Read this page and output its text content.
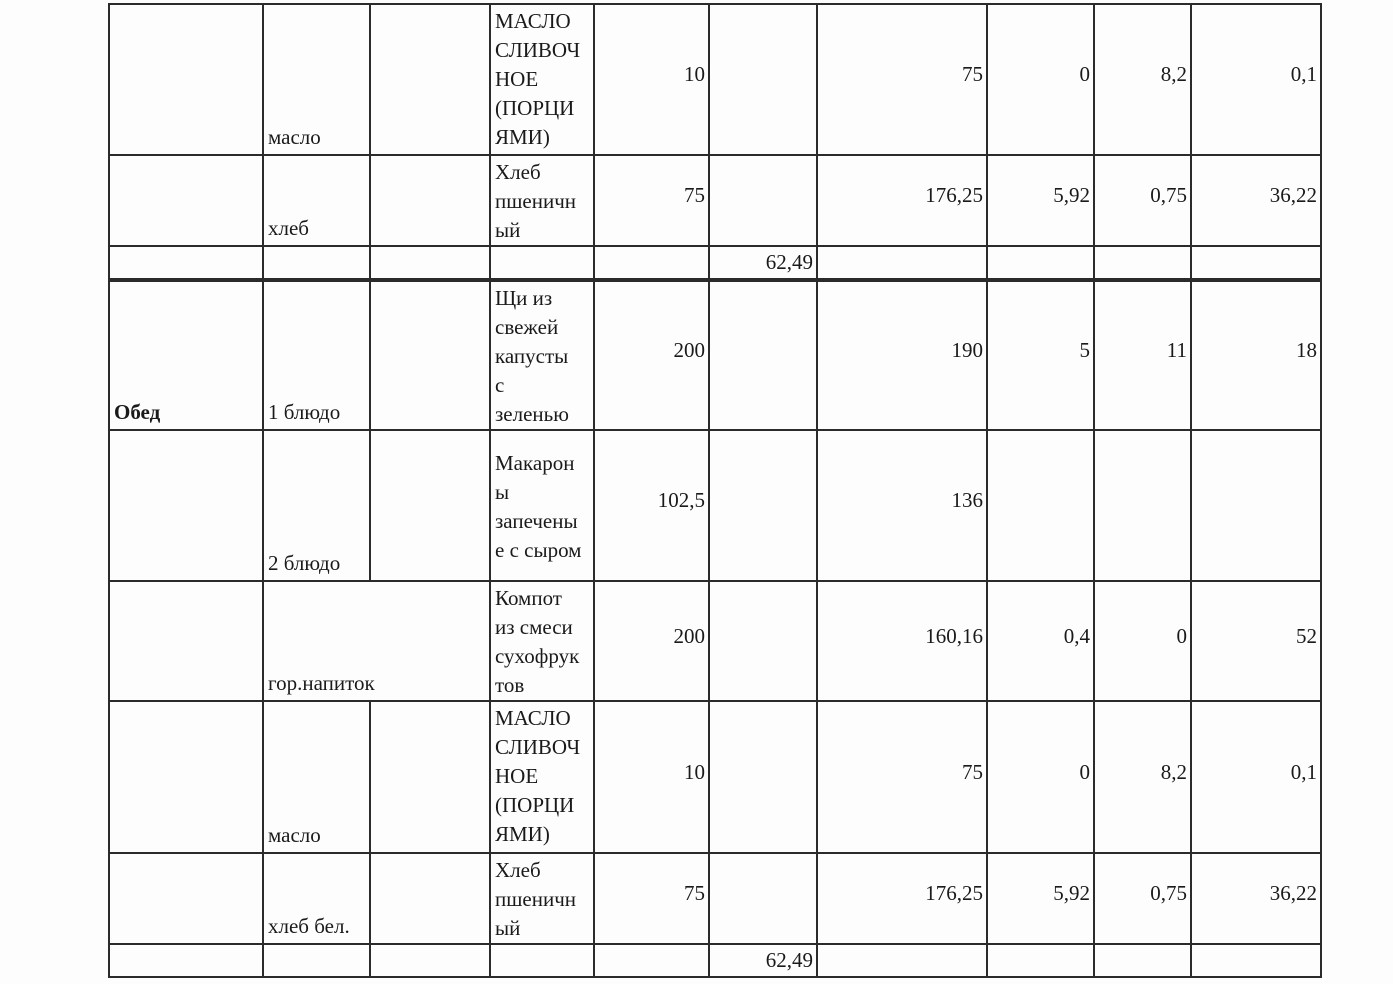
	масло		МАСЛО
СЛИВОЧ
НОЕ
(ПОРЦИ
ЯМИ)	10		75	0	8,2	0,1
	хлеб		Хлеб
пшеничн
ый	75		176,25	5,92	0,75	36,22
					62,49				
Обед	1 блюдо		Щи из
свежей
капусты
с
зеленью	200		190	5	11	18
	2 блюдо		Макарон
ы
запечены
е с сыром	102,5		136			
	гор.напиток		Компот
из смеси
сухофрук
тов	200		160,16	0,4	0	52
	масло		МАСЛО
СЛИВОЧ
НОЕ
(ПОРЦИ
ЯМИ)	10		75	0	8,2	0,1
	хлеб бел.		Хлеб
пшеничн
ый	75		176,25	5,92	0,75	36,22
					62,49				
